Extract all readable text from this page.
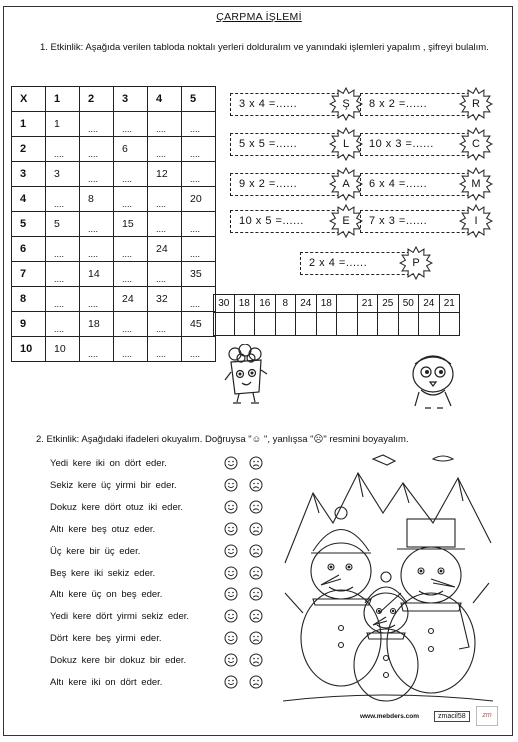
ÇARPMA İŞLEMİ
1. Etkinlik: Aşağıda verilen tabloda noktalı yerleri dolduralım ve yanındaki işlemleri yapalım , şifreyi bulalım.
X	1	2	3	4	5
1	1	....	....	....	....
2	....	....	6	....	....
3	3	....	....	12	....
4	....	8	....	....	20
5	5	....	15	....	....
6	....	....	....	24	....
7	....	14	....	....	35
8	....	....	24	32	....
9	....	18	....	....	45
10	10	....	....	....	....
3 x 4 =......	Ş	8 x 2 =......	R
5 x 5 =......	L	10 x 3 =......	C
9 x 2 =......	A	6 x 4 =......	M
10 x 5 =......	E	7 x 3 =......	I
2 x 4 =......	P
30	18	16	8	24	18		21	25	50	24	21

2. Etkinlik: Aşağıdaki ifadeleri okuyalım. Doğruysa "☺ ", yanlışsa "☹" resmini boyayalım.
Yedi kere iki on dört eder.
Sekiz kere üç yirmi bir eder.
Dokuz kere dört otuz iki eder.
Altı kere beş otuz eder.
Üç kere bir üç eder.
Beş kere iki sekiz eder.
Altı kere üç on beş eder.
Yedi kere dört yirmi sekiz eder.
Dört kere beş yirmi eder.
Dokuz kere bir dokuz bir eder.
Altı kere iki on dört eder.
www.mebders.com	zmacil58	zm
